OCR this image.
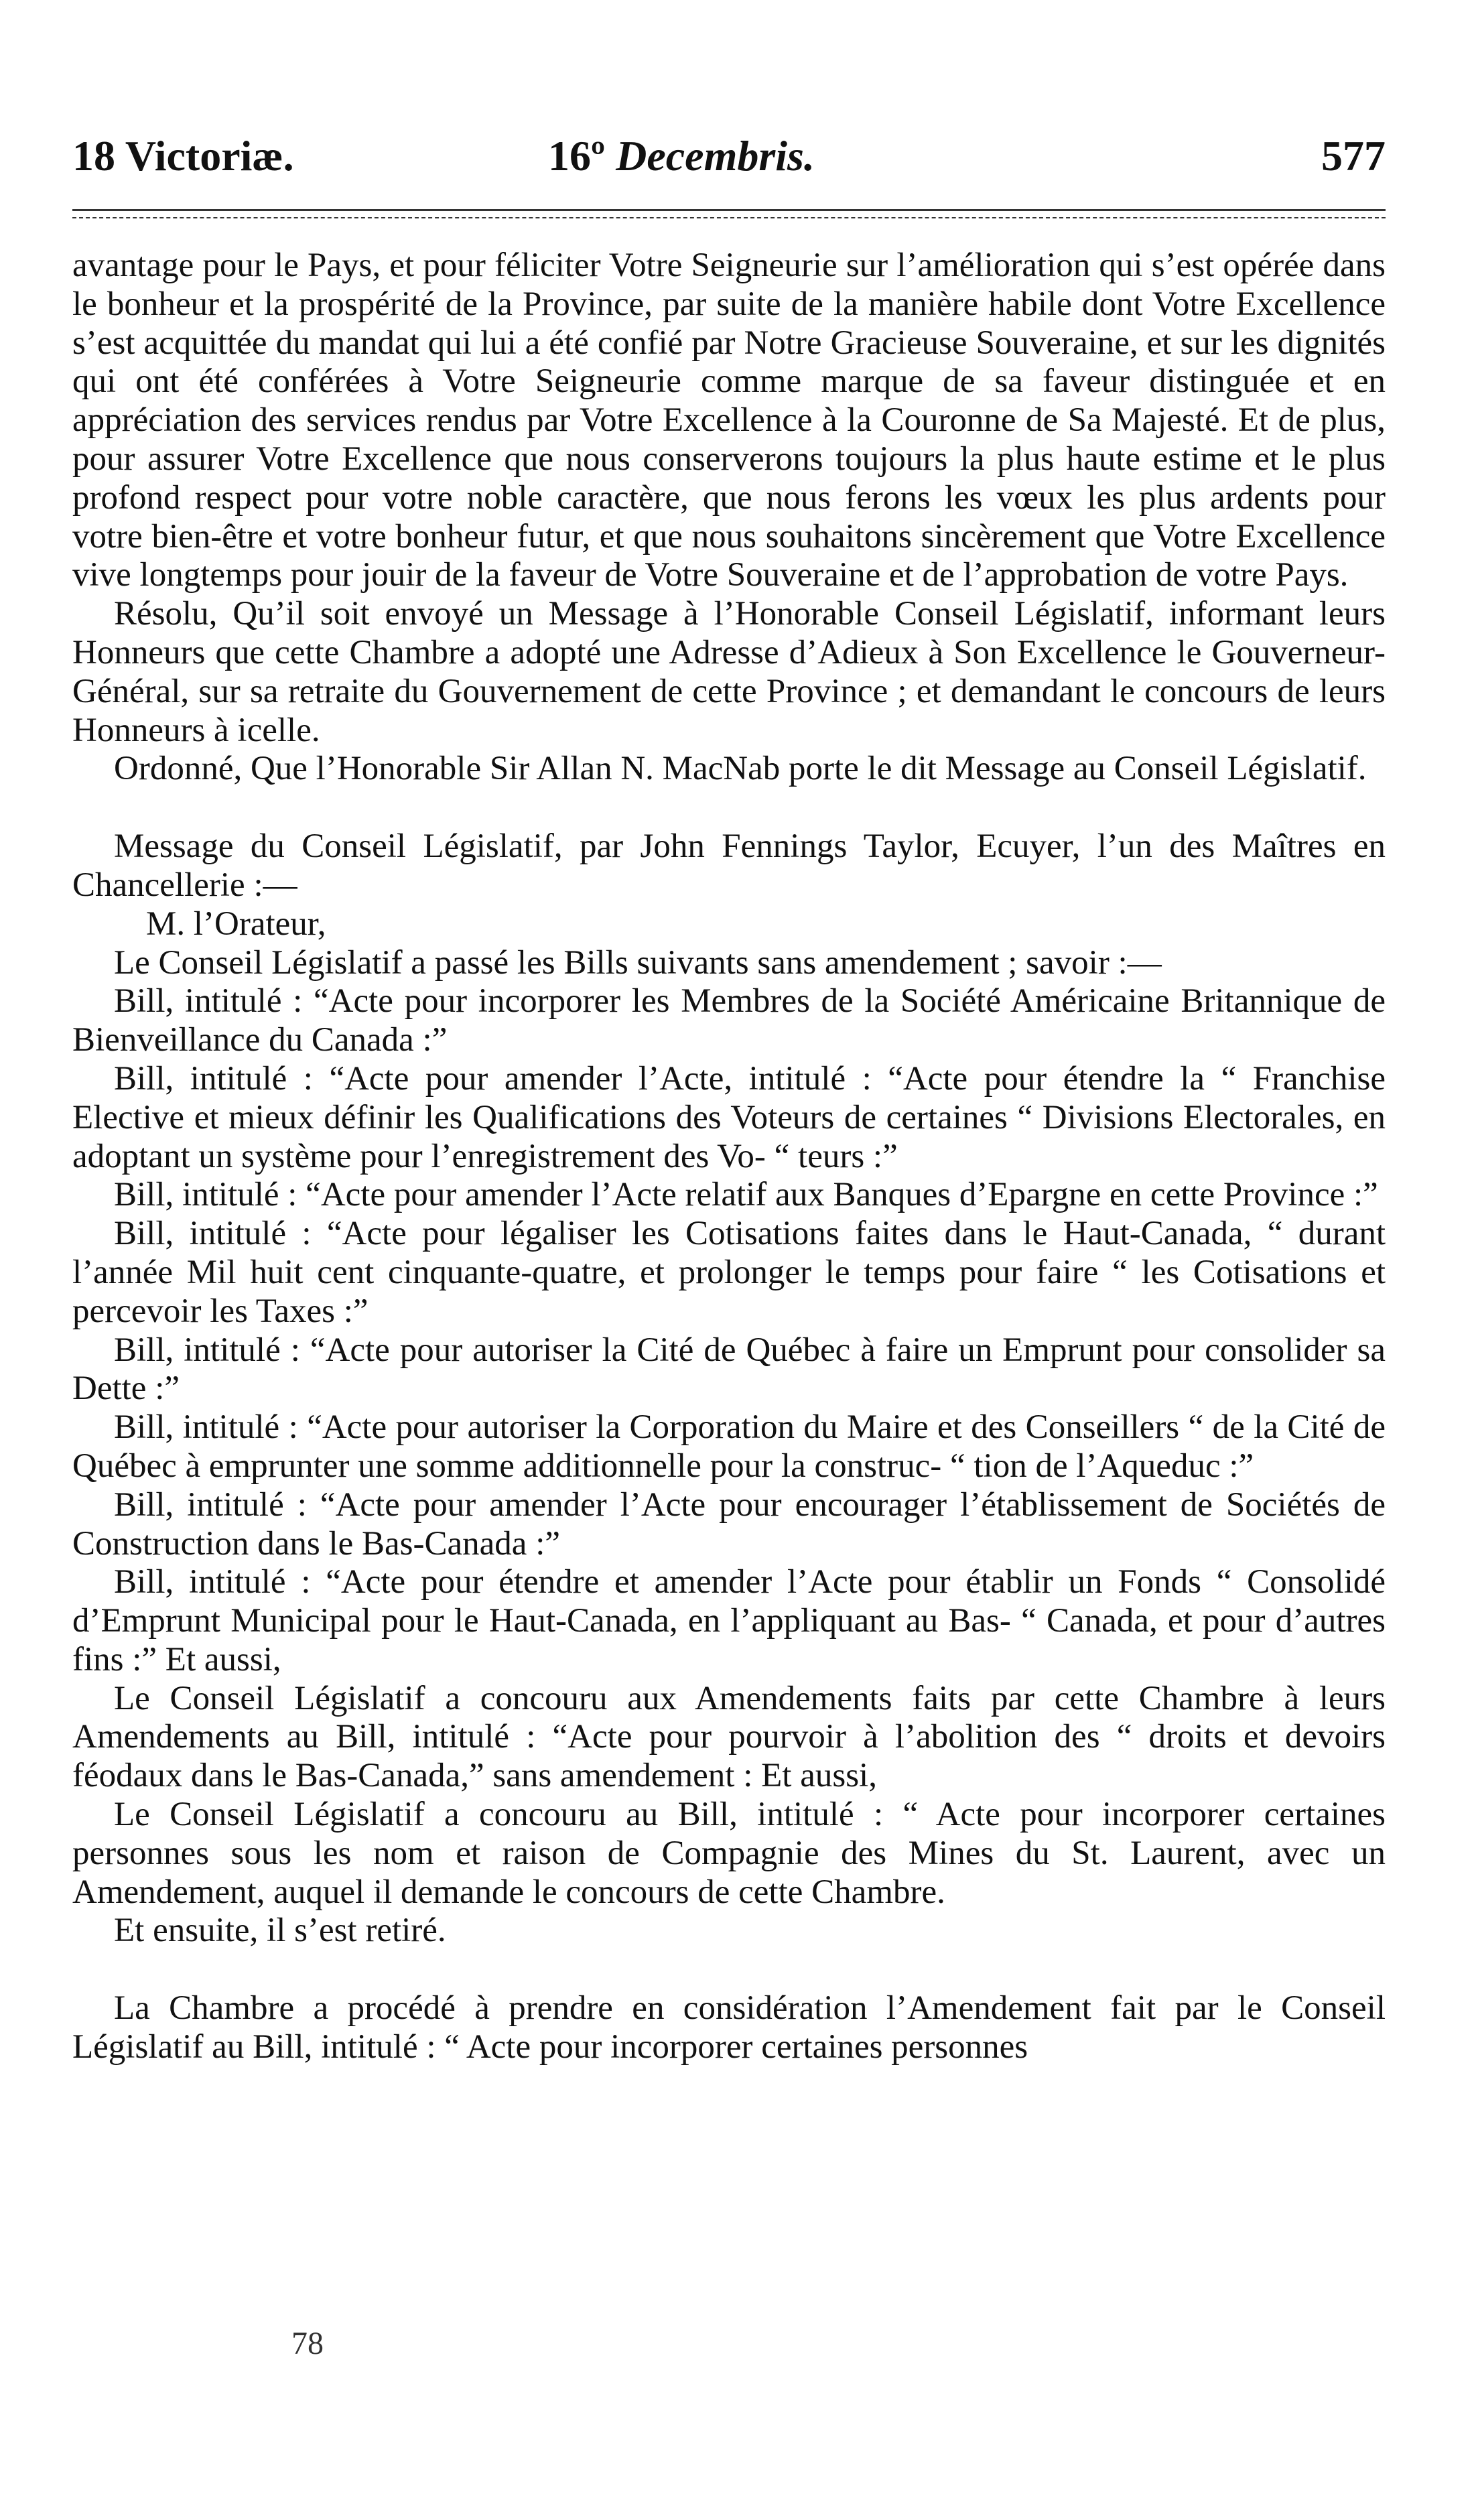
18 Victoriæ.	16º Decembris.	577

avantage pour le Pays, et pour féliciter Votre Seigneurie sur l’amélioration qui s’est opérée dans le bonheur et la prospérité de la Province, par suite de la manière habile dont Votre Excellence s’est acquittée du mandat qui lui a été confié par Notre Gracieuse Souveraine, et sur les dignités qui ont été conférées à Votre Seigneurie comme marque de sa faveur distinguée et en appréciation des services rendus par Votre Excellence à la Couronne de Sa Majesté. Et de plus, pour assurer Votre Excellence que nous conserverons toujours la plus haute estime et le plus profond respect pour votre noble caractère, que nous ferons les vœux les plus ardents pour votre bien-être et votre bonheur futur, et que nous souhaitons sincèrement que Votre Excellence vive longtemps pour jouir de la faveur de Votre Souveraine et de l’approbation de votre Pays.

Résolu, Qu’il soit envoyé un Message à l’Honorable Conseil Législatif, informant leurs Honneurs que cette Chambre a adopté une Adresse d’Adieux à Son Excellence le Gouverneur-Général, sur sa retraite du Gouvernement de cette Province ; et demandant le concours de leurs Honneurs à icelle.

Ordonné, Que l’Honorable Sir Allan N. MacNab porte le dit Message au Conseil Législatif.

Message du Conseil Législatif, par John Fennings Taylor, Ecuyer, l’un des Maîtres en Chancellerie :—

M. l’Orateur,

Le Conseil Législatif a passé les Bills suivants sans amendement ; savoir :—

Bill, intitulé : “Acte pour incorporer les Membres de la Société Américaine Britannique de Bienveillance du Canada :”

Bill, intitulé : “Acte pour amender l’Acte, intitulé : “Acte pour étendre la “ Franchise Elective et mieux définir les Qualifications des Voteurs de certaines “ Divisions Electorales, en adoptant un système pour l’enregistrement des Vo- “ teurs :”

Bill, intitulé : “Acte pour amender l’Acte relatif aux Banques d’Epargne en cette Province :”

Bill, intitulé : “Acte pour légaliser les Cotisations faites dans le Haut-Canada, “ durant l’année Mil huit cent cinquante-quatre, et prolonger le temps pour faire “ les Cotisations et percevoir les Taxes :”

Bill, intitulé : “Acte pour autoriser la Cité de Québec à faire un Emprunt pour consolider sa Dette :”

Bill, intitulé : “Acte pour autoriser la Corporation du Maire et des Conseillers “ de la Cité de Québec à emprunter une somme additionnelle pour la construc- “ tion de l’Aqueduc :”

Bill, intitulé : “Acte pour amender l’Acte pour encourager l’établissement de Sociétés de Construction dans le Bas-Canada :”

Bill, intitulé : “Acte pour étendre et amender l’Acte pour établir un Fonds “ Consolidé d’Emprunt Municipal pour le Haut-Canada, en l’appliquant au Bas- “ Canada, et pour d’autres fins :” Et aussi,

Le Conseil Législatif a concouru aux Amendements faits par cette Chambre à leurs Amendements au Bill, intitulé : “Acte pour pourvoir à l’abolition des “ droits et devoirs féodaux dans le Bas-Canada,” sans amendement : Et aussi,

Le Conseil Législatif a concouru au Bill, intitulé : “ Acte pour incorporer certaines personnes sous les nom et raison de Compagnie des Mines du St. Laurent, avec un Amendement, auquel il demande le concours de cette Chambre.

Et ensuite, il s’est retiré.

La Chambre a procédé à prendre en considération l’Amendement fait par le Conseil Législatif au Bill, intitulé : “ Acte pour incorporer certaines personnes

78
